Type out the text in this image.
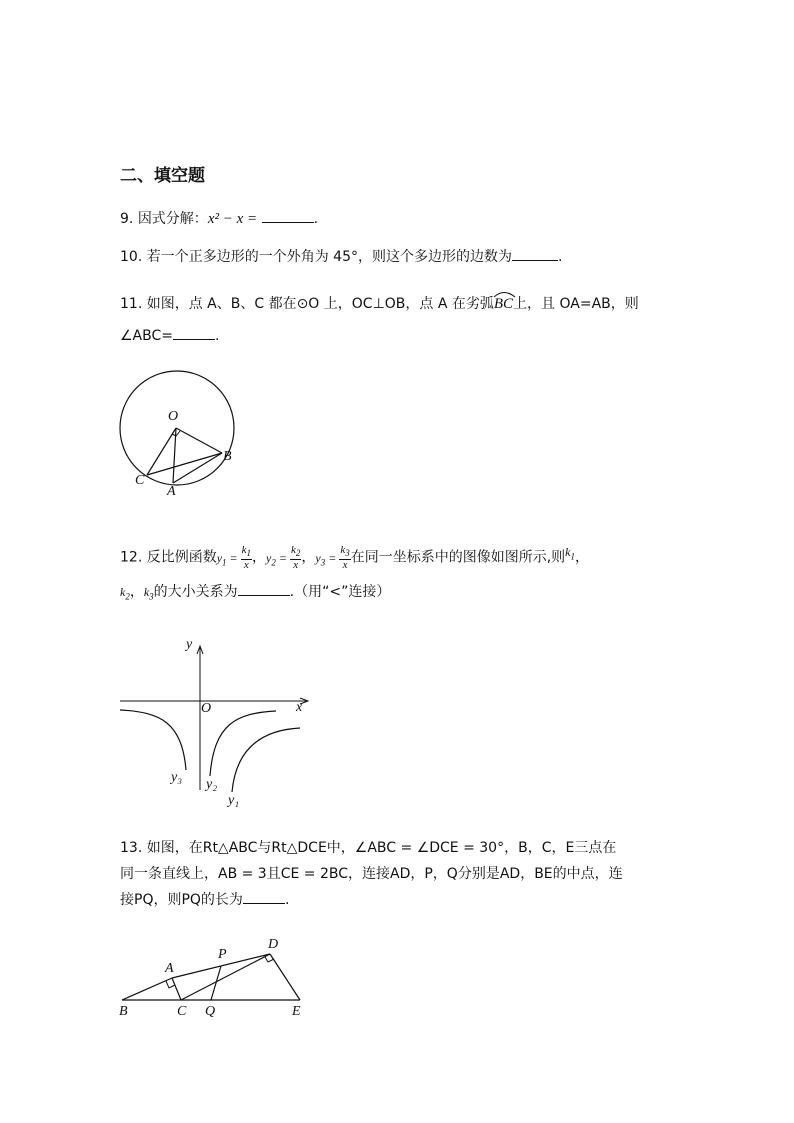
二、填空题
9. 因式分解：x² − x =	.
10. 若一个正多边形的一个外角为 45°，则这个多边形的边数为	.
11. 如图，点 A、B、C 都在⊙O 上，OC⊥OB，点 A 在劣弧BC
上，且 OA=AB，则
∠ABC=	.
O
B
C
A
12. 反比例函数$y_1 = \frac{k_1}{x}$ ，$y_2 = \frac{k_2}{x}$ ，$y_3 = \frac{k_3}{x}$ 在同一坐标系中的图像如图所示,则$k_1$，
$k_2$，$k_3$的大小关系为	.（用“<”连接）
y
O	x
y₃ y₂
y₁
13. 如图，在Rt△ABC与Rt△DCE中，∠ABC = ∠DCE = 30°，B，C，E三点在
同一条直线上，AB = 3且CE = 2BC，连接AD，P，Q分别是AD，BE的中点，连
接PQ，则PQ的长为	.
D
P
A
B	C Q	E
